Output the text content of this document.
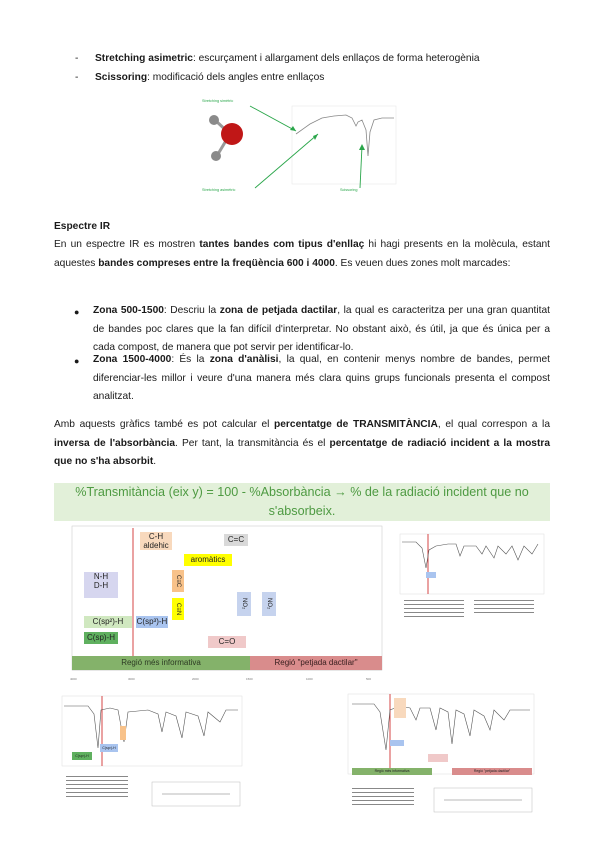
- Stretching asimetric: escurçament i allargament dels enllaços de forma heterogènia
- Scissoring: modificació dels angles entre enllaços
Stretching simètric
Stretching asimètric	Scissoring
Espectre IR
En un espectre IR es mostren tantes bandes com tipus d'enllaç hi hagi presents en la molècula, estant aquestes bandes compreses entre la freqüència 600 i 4000. Es veuen dues zones molt marcades:
● Zona 500-1500: Descriu la zona de petjada dactilar, la qual es caracteritza per una gran quantitat de bandes poc clares que la fan difícil d'interpretar. No obstant això, és útil, ja que és única per a cada compost, de manera que pot servir per identificar-lo.
● Zona 1500-4000: És la zona d'anàlisi, la qual, en contenir menys nombre de bandes, permet diferenciar-les millor i veure d'una manera més clara quins grups funcionals presenta el compost analitzat.
Amb aquests gràfics també es pot calcular el percentatge de TRANSMITÀNCIA, el qual correspon a la inversa de l'absorbància. Per tant, la transmitància és el percentatge de radiació incident a la mostra que no s'ha absorbit.
%Transmitància (eix y) = 100 - %Absorbància → % de la radiació incident que no s'absorbeix.
4000	3000	2000	1500	1000	500
C-H aldehic
C=C
aromàtics
N-H
D-H	C≡C
C≡N
C(sp²)-H	C(sp³)-H
C(sp)-H
NO₂	NO₂
C=O
Regió més informativa	Regió "petjada dactilar"
C(sp³)-H
C(sp²)-H
Regió més informativa	Regió "petjada dactilar"
